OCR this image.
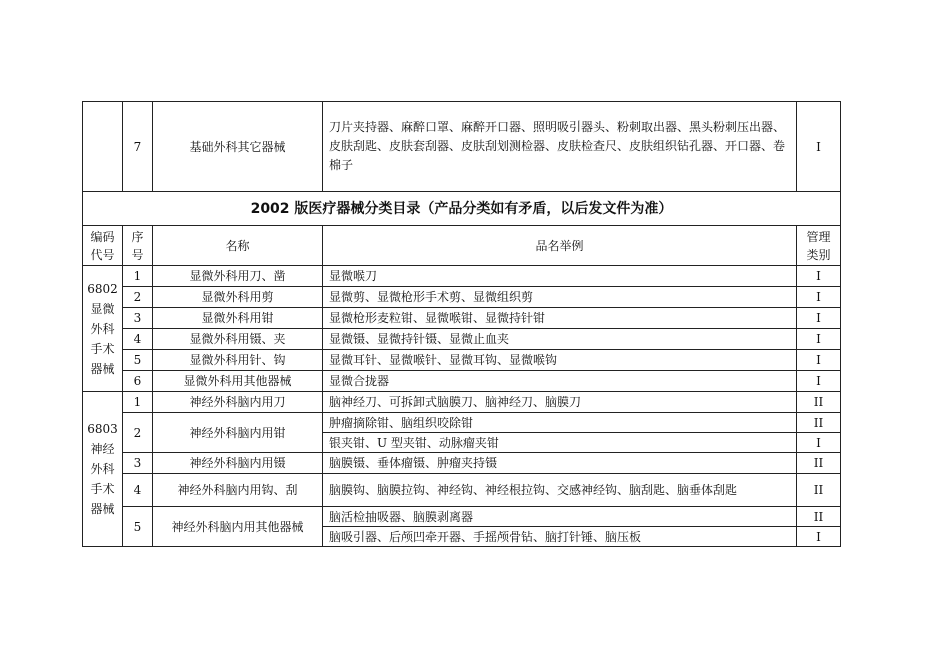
	7	基础外科其它器械	刀片夹持器、麻醉口罩、麻醉开口器、照明吸引器头、粉刺取出器、黑头粉刺压出器、皮肤刮匙、皮肤套刮器、皮肤刮划测检器、皮肤检查尺、皮肤组织钻孔器、开口器、卷棉子	I
2002 版医疗器械分类目录（产品分类如有矛盾，以后发文件为准）				
编码代号	序号	名称	品名举例	管理类别
6802显微外科手术器械	1	显微外科用刀、凿	显微喉刀	I
	2	显微外科用剪	显微剪、显微枪形手术剪、显微组织剪	I
	3	显微外科用钳	显微枪形麦粒钳、显微喉钳、显微持针钳	I
	4	显微外科用镊、夹	显微镊、显微持针镊、显微止血夹	I
	5	显微外科用针、钩	显微耳针、显微喉针、显微耳钩、显微喉钩	I
	6	显微外科用其他器械	显微合拢器	I
6803神经外科手术器械	1	神经外科脑内用刀	脑神经刀、可拆卸式脑膜刀、脑神经刀、脑膜刀	II
	2	神经外科脑内用钳	肿瘤摘除钳、脑组织咬除钳	II
			银夹钳、U 型夹钳、动脉瘤夹钳	I
	3	神经外科脑内用镊	脑膜镊、垂体瘤镊、肿瘤夹持镊	II
	4	神经外科脑内用钩、刮	脑膜钩、脑膜拉钩、神经钩、神经根拉钩、交感神经钩、脑刮匙、脑垂体刮匙	II
	5	神经外科脑内用其他器械	脑活检抽吸器、脑膜剥离器	II
			脑吸引器、后颅凹牵开器、手摇颅骨钻、脑打针锤、脑压板	I
